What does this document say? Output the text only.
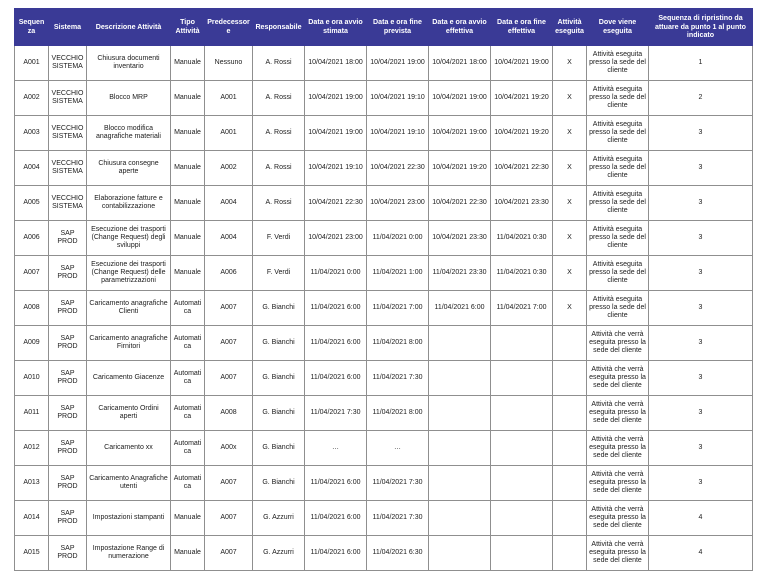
Sequenza	Sistema	Descrizione Attività	Tipo Attività	Predecessore	Responsabile	Data e ora avvio stimata	Data e ora fine prevista	Data e ora avvio effettiva	Data e ora fine effettiva	Attività eseguita	Dove viene eseguita	Sequenza di ripristino da attuare da punto 1 al punto indicato
A001	VECCHIO SISTEMA	Chiusura documenti inventario	Manuale	Nessuno	A. Rossi	10/04/2021 18:00	10/04/2021 19:00	10/04/2021 18:00	10/04/2021 19:00	X	Attività eseguita presso la sede del cliente	1
A002	VECCHIO SISTEMA	Blocco MRP	Manuale	A001	A. Rossi	10/04/2021 19:00	10/04/2021 19:10	10/04/2021 19:00	10/04/2021 19:20	X	Attività eseguita presso la sede del cliente	2
A003	VECCHIO SISTEMA	Blocco modifica anagrafiche materiali	Manuale	A001	A. Rossi	10/04/2021 19:00	10/04/2021 19:10	10/04/2021 19:00	10/04/2021 19:20	X	Attività eseguita presso la sede del cliente	3
A004	VECCHIO SISTEMA	Chiusura consegne aperte	Manuale	A002	A. Rossi	10/04/2021 19:10	10/04/2021 22:30	10/04/2021 19:20	10/04/2021 22:30	X	Attività eseguita presso la sede del cliente	3
A005	VECCHIO SISTEMA	Elaborazione fatture e contabilizzazione	Manuale	A004	A. Rossi	10/04/2021 22:30	10/04/2021 23:00	10/04/2021 22:30	10/04/2021 23:30	X	Attività eseguita presso la sede del cliente	3
A006	SAP PROD	Esecuzione dei trasporti (Change Request) degli sviluppi	Manuale	A004	F. Verdi	10/04/2021 23:00	11/04/2021 0:00	10/04/2021 23:30	11/04/2021 0:30	X	Attività eseguita presso la sede del cliente	3
A007	SAP PROD	Esecuzione dei trasporti (Change Request) delle parametrizzazioni	Manuale	A006	F. Verdi	11/04/2021 0:00	11/04/2021 1:00	11/04/2021 23:30	11/04/2021 0:30	X	Attività eseguita presso la sede del cliente	3
A008	SAP PROD	Caricamento anagrafiche Clienti	Automatica	A007	G. Bianchi	11/04/2021 6:00	11/04/2021 7:00	11/04/2021 6:00	11/04/2021 7:00	X	Attività eseguita presso la sede del cliente	3
A009	SAP PROD	Caricamento anagrafiche Firnitori	Automatica	A007	G. Bianchi	11/04/2021 6:00	11/04/2021 8:00				Attività che verrà eseguita presso la sede del cliente	3
A010	SAP PROD	Caricamento Giacenze	Automatica	A007	G. Bianchi	11/04/2021 6:00	11/04/2021 7:30				Attività che verrà eseguita presso la sede del cliente	3
A011	SAP PROD	Caricamento Ordini aperti	Automatica	A008	G. Bianchi	11/04/2021 7:30	11/04/2021 8:00				Attività che verrà eseguita presso la sede del cliente	3
A012	SAP PROD	Caricamento xx	Automatica	A00x	G. Bianchi	…	…				Attività che verrà eseguita presso la sede del cliente	3
A013	SAP PROD	Caricamento Anagrafiche utenti	Automatica	A007	G. Bianchi	11/04/2021 6:00	11/04/2021 7:30				Attività che verrà eseguita presso la sede del cliente	3
A014	SAP PROD	Impostazioni stampanti	Manuale	A007	G. Azzurri	11/04/2021 6:00	11/04/2021 7:30				Attività che verrà eseguita presso la sede del cliente	4
A015	SAP PROD	Impostazione Range di numerazione	Manuale	A007	G. Azzurri	11/04/2021 6:00	11/04/2021 6:30				Attività che verrà eseguita presso la sede del cliente	4
